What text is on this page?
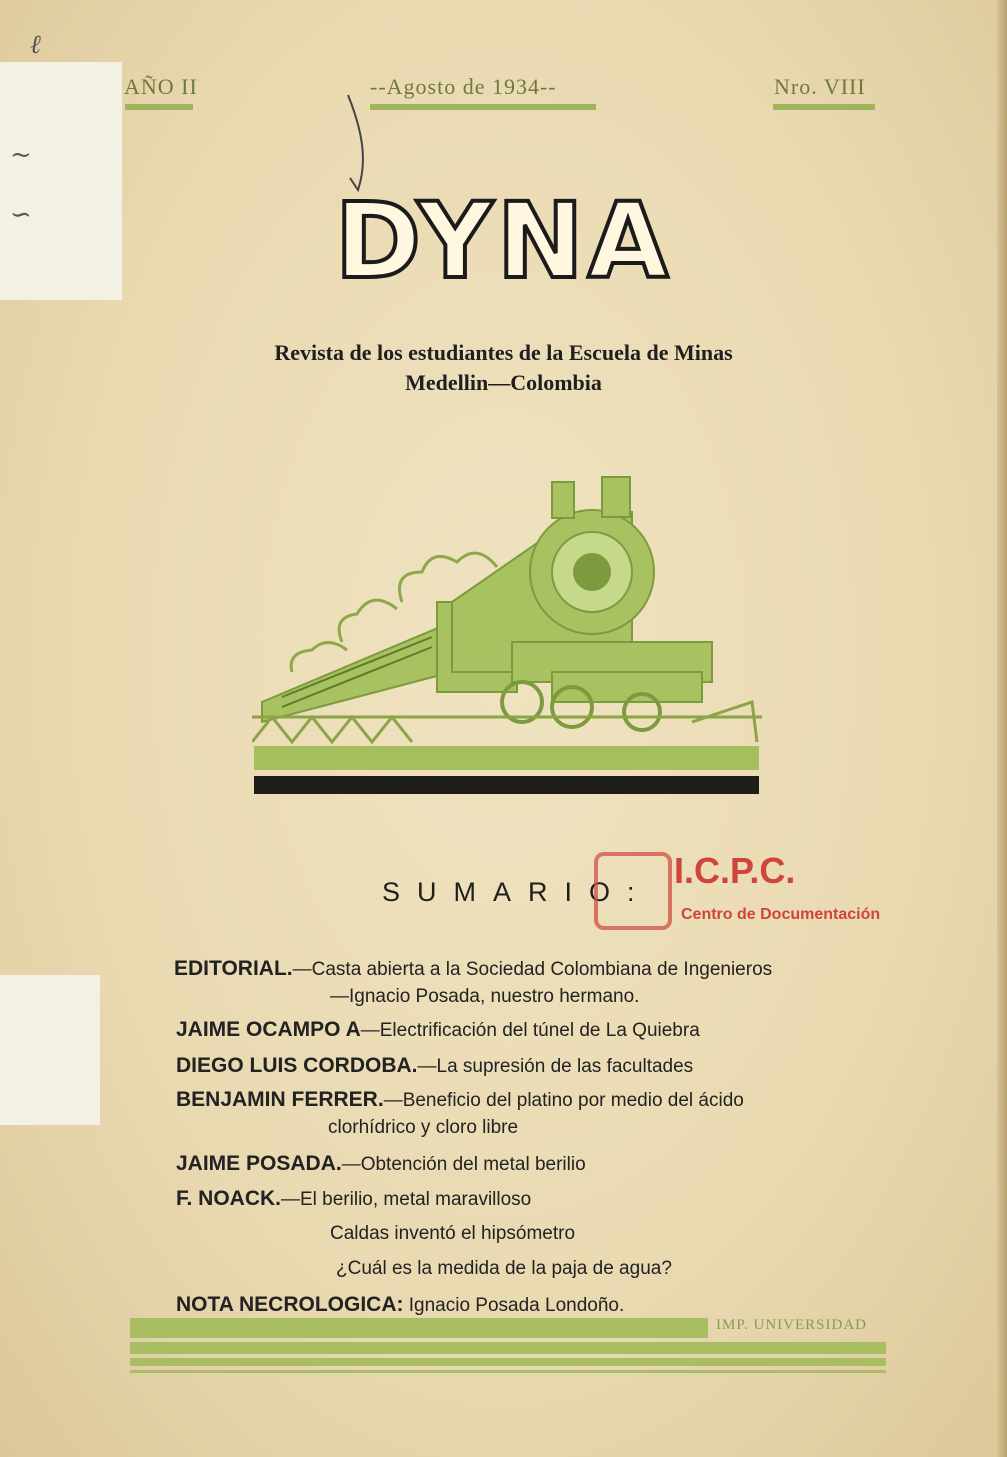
ℓ
~
∽
AÑO II	--Agosto de 1934--	Nro. VIII
DYNA
Revista de los estudiantes de la Escuela de Minas
Medellin—Colombia
SUMARIO:
I.C.P.C.
Centro de Documentación
EDITORIAL.—Casta abierta a la Sociedad Colombiana de Ingenieros
—Ignacio Posada, nuestro hermano.
JAIME OCAMPO A—Electrificación del túnel de La Quiebra
DIEGO LUIS CORDOBA.—La supresión de las facultades
BENJAMIN FERRER.—Beneficio del platino por medio del ácido
clorhídrico y cloro libre
JAIME POSADA.—Obtención del metal berilio
F. NOACK.—El berilio, metal maravilloso
Caldas inventó el hipsómetro
¿Cuál es la medida de la paja de agua?
NOTA NECROLOGICA: Ignacio Posada Londoño.
IMP. UNIVERSIDAD
